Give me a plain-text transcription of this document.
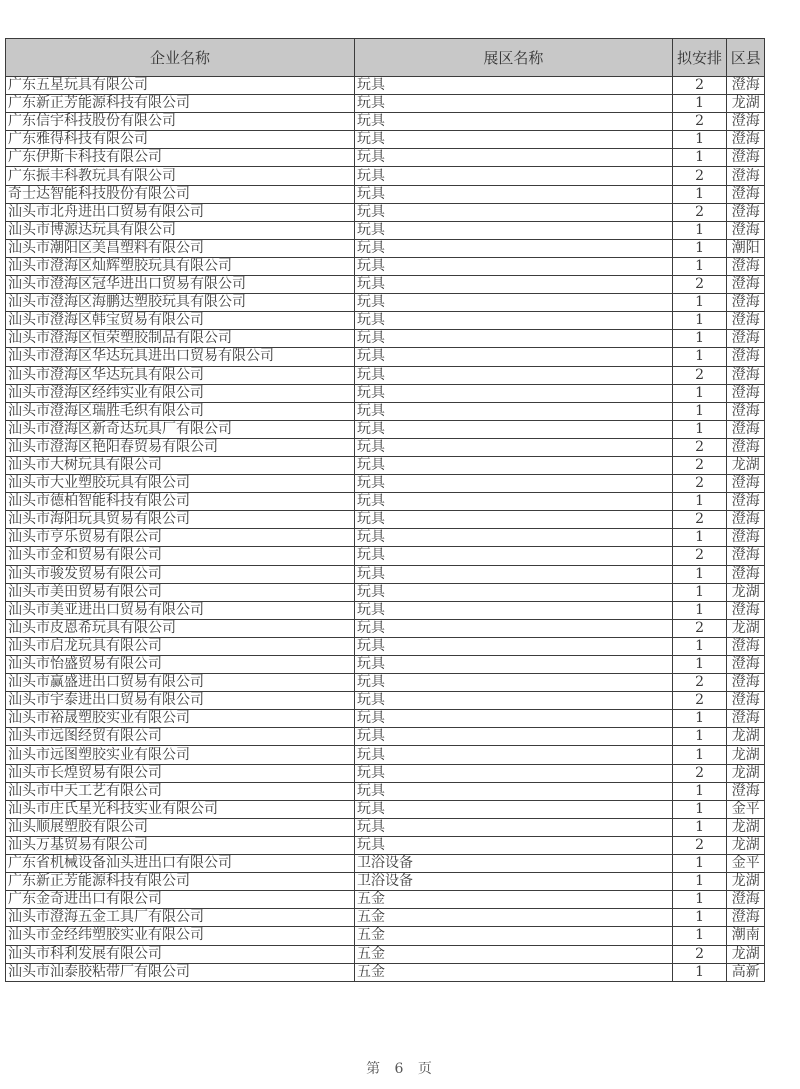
企业名称	展区名称	拟安排	区县
广东五星玩具有限公司	玩具	2	澄海
广东新正芳能源科技有限公司	玩具	1	龙湖
广东信宇科技股份有限公司	玩具	2	澄海
广东雅得科技有限公司	玩具	1	澄海
广东伊斯卡科技有限公司	玩具	1	澄海
广东振丰科教玩具有限公司	玩具	2	澄海
奇士达智能科技股份有限公司	玩具	1	澄海
汕头市北舟进出口贸易有限公司	玩具	2	澄海
汕头市博源达玩具有限公司	玩具	1	澄海
汕头市潮阳区美昌塑料有限公司	玩具	1	潮阳
汕头市澄海区灿辉塑胶玩具有限公司	玩具	1	澄海
汕头市澄海区冠华进出口贸易有限公司	玩具	2	澄海
汕头市澄海区海鹏达塑胶玩具有限公司	玩具	1	澄海
汕头市澄海区韩宝贸易有限公司	玩具	1	澄海
汕头市澄海区恒荣塑胶制品有限公司	玩具	1	澄海
汕头市澄海区华达玩具进出口贸易有限公司	玩具	1	澄海
汕头市澄海区华达玩具有限公司	玩具	2	澄海
汕头市澄海区经纬实业有限公司	玩具	1	澄海
汕头市澄海区瑞胜毛织有限公司	玩具	1	澄海
汕头市澄海区新奇达玩具厂有限公司	玩具	1	澄海
汕头市澄海区艳阳春贸易有限公司	玩具	2	澄海
汕头市大树玩具有限公司	玩具	2	龙湖
汕头市大业塑胶玩具有限公司	玩具	2	澄海
汕头市德柏智能科技有限公司	玩具	1	澄海
汕头市海阳玩具贸易有限公司	玩具	2	澄海
汕头市亨乐贸易有限公司	玩具	1	澄海
汕头市金和贸易有限公司	玩具	2	澄海
汕头市骏发贸易有限公司	玩具	1	澄海
汕头市美田贸易有限公司	玩具	1	龙湖
汕头市美亚进出口贸易有限公司	玩具	1	澄海
汕头市皮恩希玩具有限公司	玩具	2	龙湖
汕头市启龙玩具有限公司	玩具	1	澄海
汕头市怡盛贸易有限公司	玩具	1	澄海
汕头市赢盛进出口贸易有限公司	玩具	2	澄海
汕头市宇泰进出口贸易有限公司	玩具	2	澄海
汕头市裕晟塑胶实业有限公司	玩具	1	澄海
汕头市远图经贸有限公司	玩具	1	龙湖
汕头市远图塑胶实业有限公司	玩具	1	龙湖
汕头市长煌贸易有限公司	玩具	2	龙湖
汕头市中天工艺有限公司	玩具	1	澄海
汕头市庄氏星光科技实业有限公司	玩具	1	金平
汕头顺展塑胶有限公司	玩具	1	龙湖
汕头万基贸易有限公司	玩具	2	龙湖
广东省机械设备汕头进出口有限公司	卫浴设备	1	金平
广东新正芳能源科技有限公司	卫浴设备	1	龙湖
广东金奇进出口有限公司	五金	1	澄海
汕头市澄海五金工具厂有限公司	五金	1	澄海
汕头市金经纬塑胶实业有限公司	五金	1	潮南
汕头市科利发展有限公司	五金	2	龙湖
汕头市汕泰胶粘带厂有限公司	五金	1	高新
第 6 页
